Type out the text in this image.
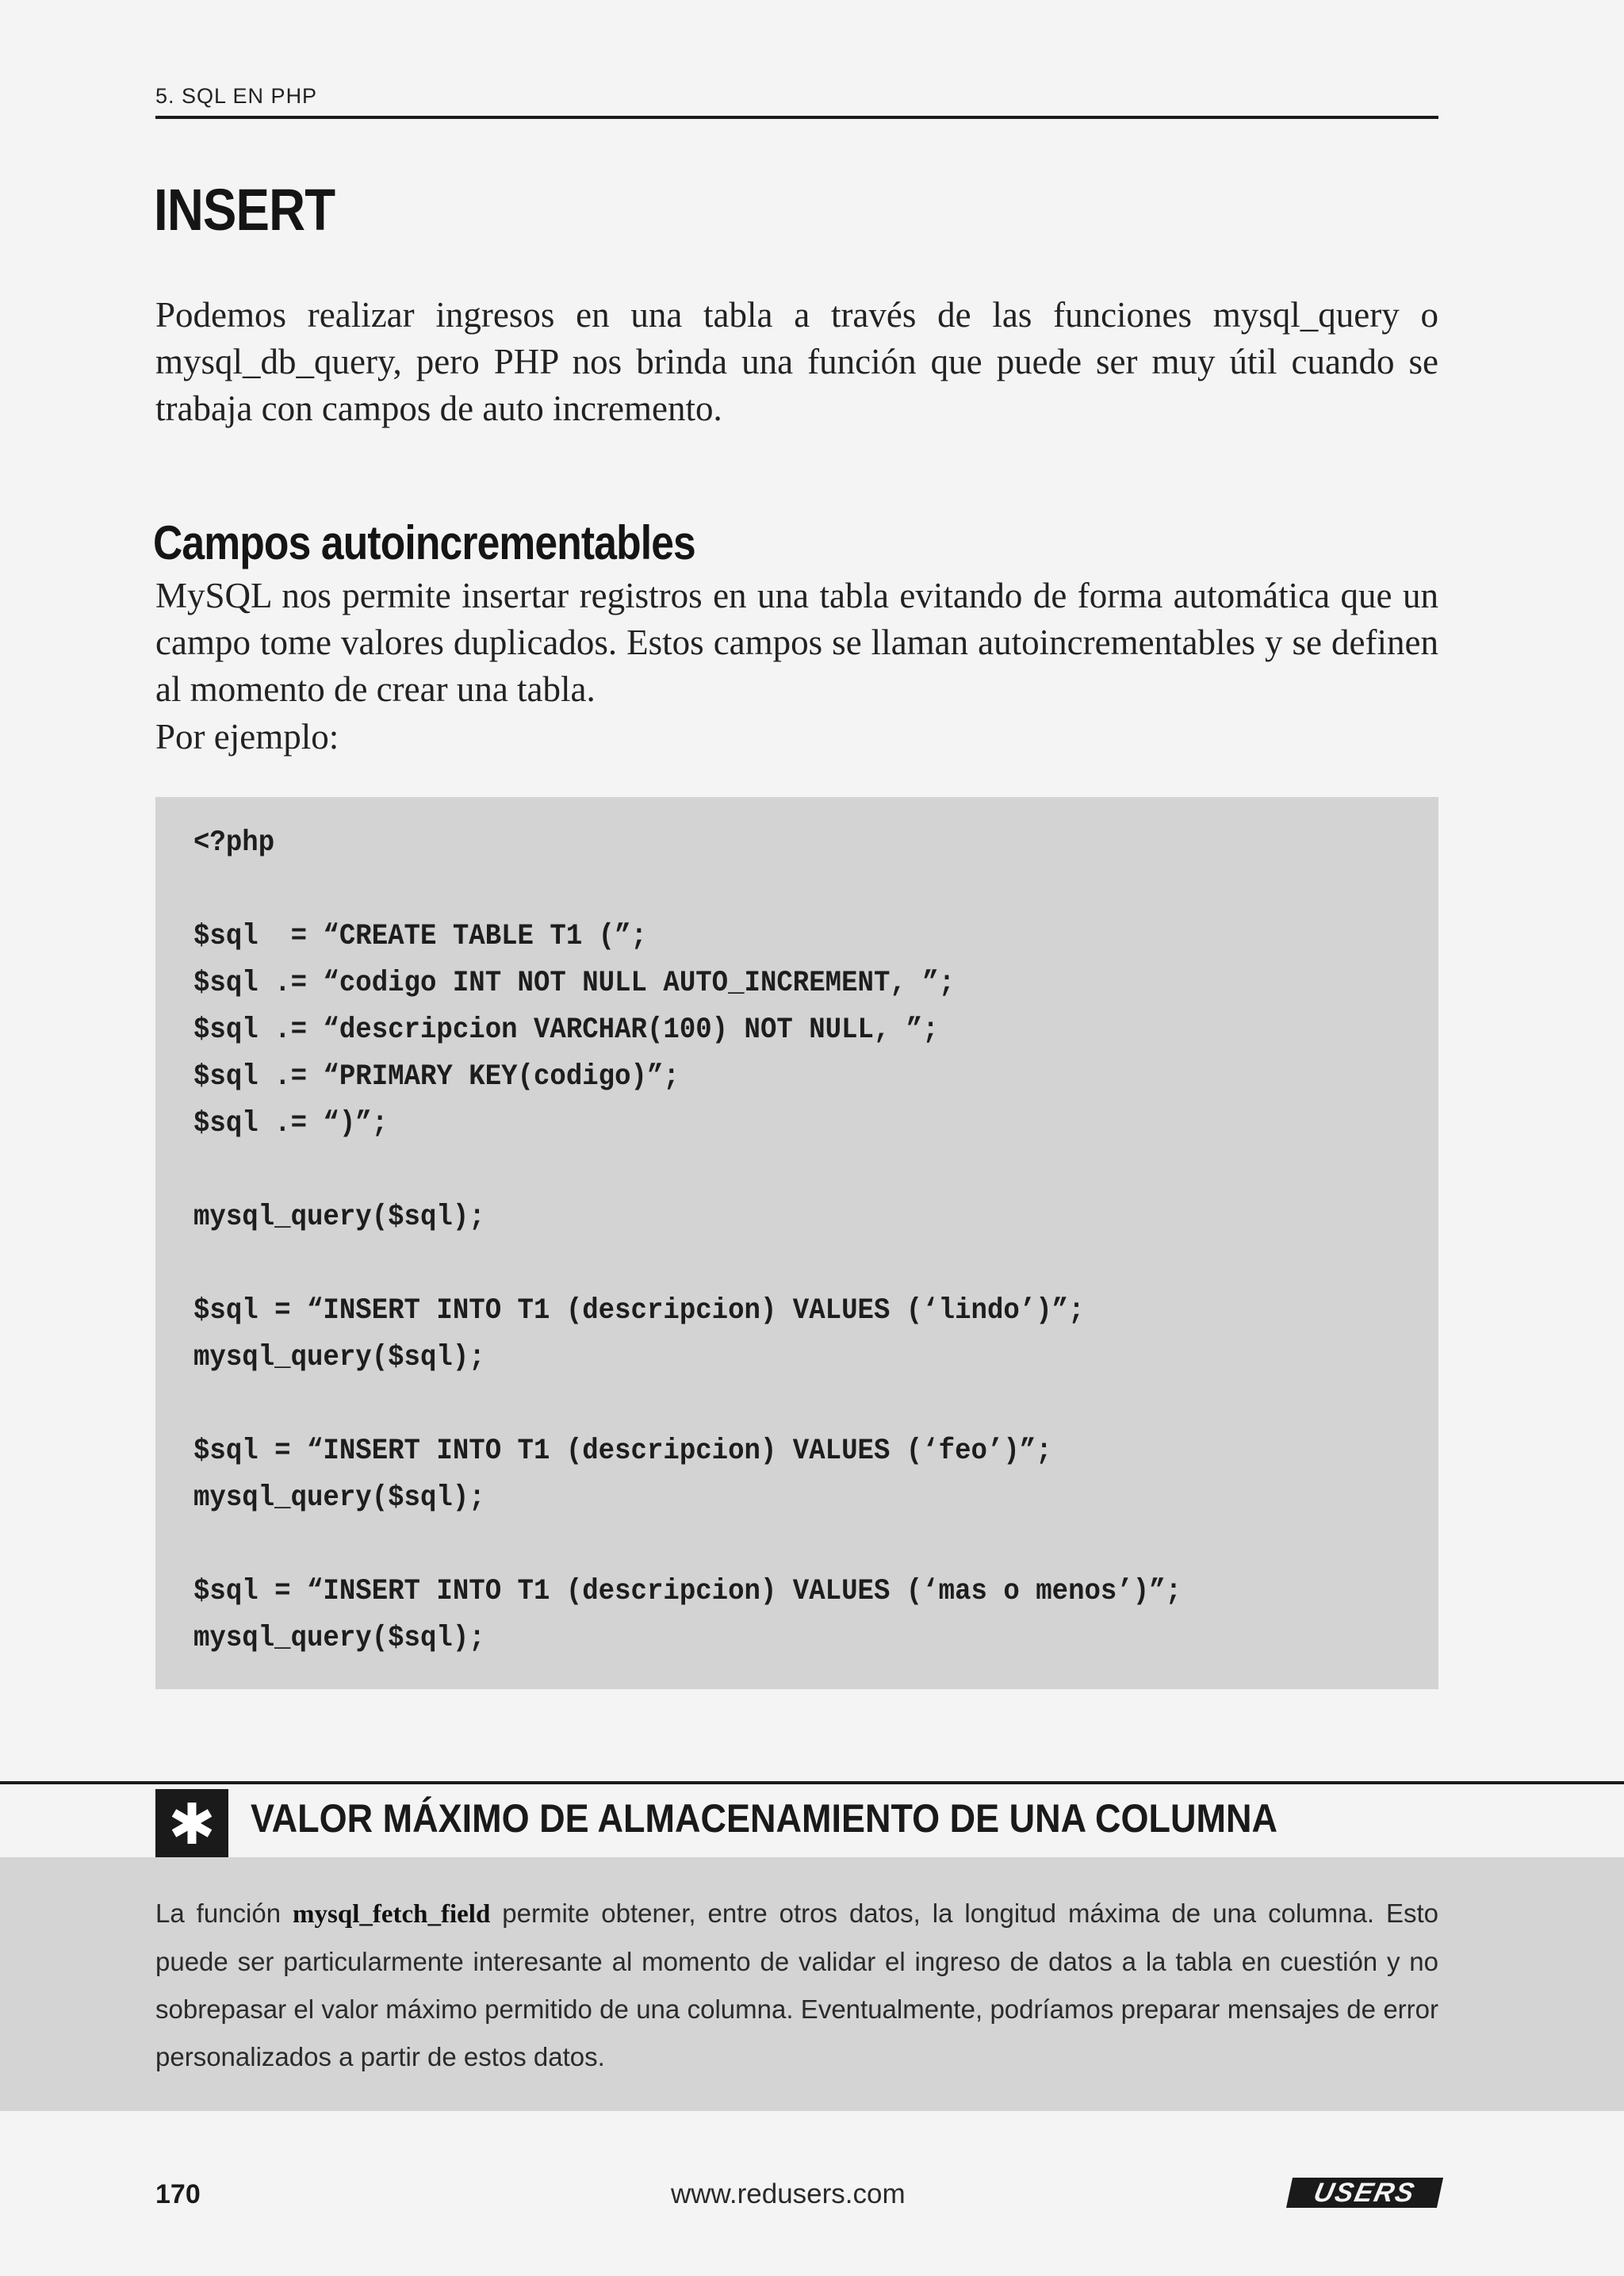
5. SQL EN PHP
INSERT

Podemos realizar ingresos en una tabla a través de las funciones mysql_query o mysql_db_query, pero PHP nos brinda una función que puede ser muy útil cuando se trabaja con campos de auto incremento.

Campos autoincrementables

MySQL nos permite insertar registros en una tabla evitando de forma automática que un campo tome valores duplicados. Estos campos se llaman autoincrementables y se definen al momento de crear una tabla.

Por ejemplo:

<?php
$sql  = “CREATE TABLE T1 (”;
$sql .= “codigo INT NOT NULL AUTO_INCREMENT, ”;
$sql .= “descripcion VARCHAR(100) NOT NULL, ”;
$sql .= “PRIMARY KEY(codigo)”;
$sql .= “)”;
mysql_query($sql);
$sql = “INSERT INTO T1 (descripcion) VALUES (‘lindo’)”;
mysql_query($sql);
$sql = “INSERT INTO T1 (descripcion) VALUES (‘feo’)”;
mysql_query($sql);
$sql = “INSERT INTO T1 (descripcion) VALUES (‘mas o menos’)”;
mysql_query($sql);
VALOR MÁXIMO DE ALMACENAMIENTO DE UNA COLUMNA

La función mysql_fetch_field permite obtener, entre otros datos, la longitud máxima de una columna. Esto puede ser particularmente interesante al momento de validar el ingreso de datos a la tabla en cuestión y no sobrepasar el valor máximo permitido de una columna. Eventualmente, podríamos preparar mensajes de error personalizados a partir de estos datos.

170	www.redusers.com	USERS
